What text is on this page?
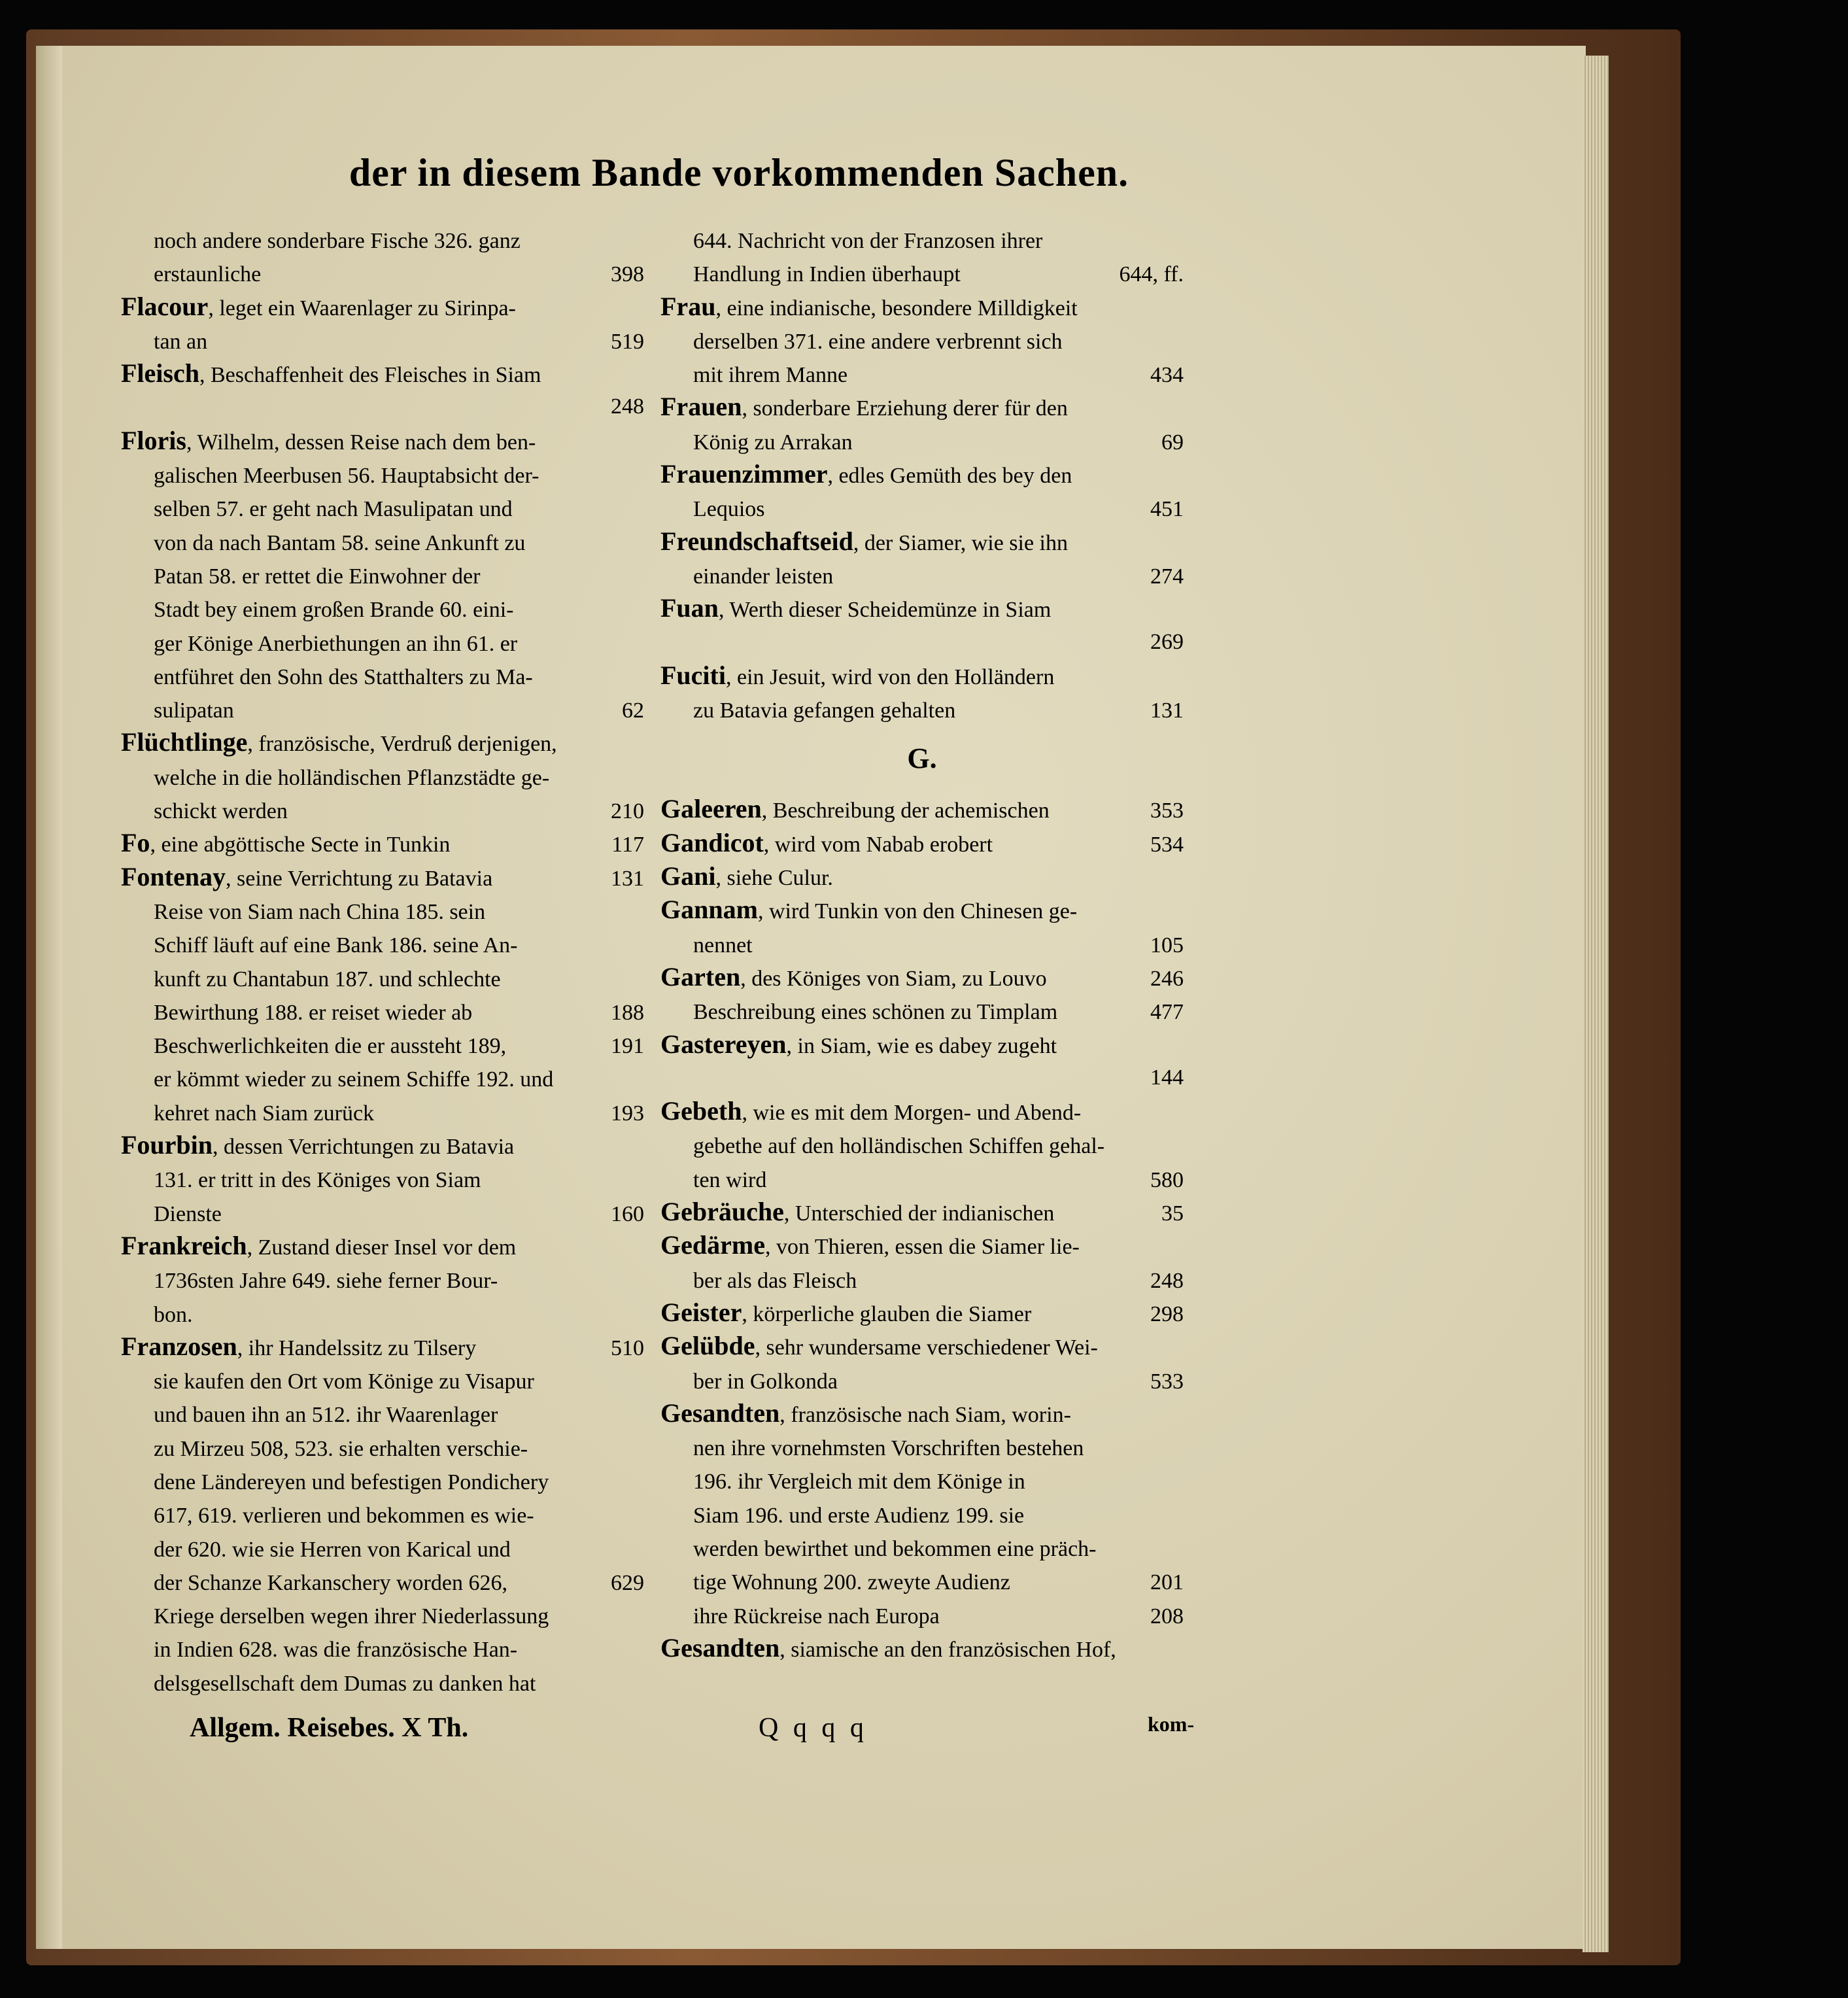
der in diesem Bande vorkommenden Sachen.
noch andere sonderbare Fische 326. ganz
erstaunliche	398
Flacour, leget ein Waarenlager zu Sirinpa-
tan an	519
Fleisch, Beschaffenheit des Fleisches in Siam
248
Floris, Wilhelm, dessen Reise nach dem ben-
galischen Meerbusen 56. Hauptabsicht der-
selben 57. er geht nach Masulipatan und
von da nach Bantam 58. seine Ankunft zu
Patan 58. er rettet die Einwohner der
Stadt bey einem großen Brande 60. eini-
ger Könige Anerbiethungen an ihn 61. er
entführet den Sohn des Statthalters zu Ma-
sulipatan	62
Flüchtlinge, französische, Verdruß derjenigen,
welche in die holländischen Pflanzstädte ge-
schickt werden	210
Fo, eine abgöttische Secte in Tunkin	117
Fontenay, seine Verrichtung zu Batavia	131
Reise von Siam nach China 185. sein
Schiff läuft auf eine Bank 186. seine An-
kunft zu Chantabun 187. und schlechte
Bewirthung 188. er reiset wieder ab	188
Beschwerlichkeiten die er aussteht 189,	191
er kömmt wieder zu seinem Schiffe 192. und
kehret nach Siam zurück	193
Fourbin, dessen Verrichtungen zu Batavia
131. er tritt in des Königes von Siam
Dienste	160
Frankreich, Zustand dieser Insel vor dem
1736sten Jahre 649. siehe ferner Bour-
bon.
Franzosen, ihr Handelssitz zu Tilsery	510
sie kaufen den Ort vom Könige zu Visapur
und bauen ihn an 512. ihr Waarenlager
zu Mirzeu 508, 523. sie erhalten verschie-
dene Ländereyen und befestigen Pondichery
617, 619. verlieren und bekommen es wie-
der 620. wie sie Herren von Karical und
der Schanze Karkanschery worden 626,	629
Kriege derselben wegen ihrer Niederlassung
in Indien 628. was die französische Han-
delsgesellschaft dem Dumas zu danken hat
644. Nachricht von der Franzosen ihrer
Handlung in Indien überhaupt	644, ff.
Frau, eine indianische, besondere Milldigkeit
derselben 371. eine andere verbrennt sich
mit ihrem Manne	434
Frauen, sonderbare Erziehung derer für den
König zu Arrakan	69
Frauenzimmer, edles Gemüth des bey den
Lequios	451
Freundschaftseid, der Siamer, wie sie ihn
einander leisten	274
Fuan, Werth dieser Scheidemünze in Siam
269
Fuciti, ein Jesuit, wird von den Holländern
zu Batavia gefangen gehalten	131
G.
Galeeren, Beschreibung der achemischen	353
Gandicot, wird vom Nabab erobert	534
Gani, siehe Culur.
Gannam, wird Tunkin von den Chinesen ge-
nennet	105
Garten, des Königes von Siam, zu Louvo	246
Beschreibung eines schönen zu Timplam	477
Gastereyen, in Siam, wie es dabey zugeht
144
Gebeth, wie es mit dem Morgen- und Abend-
gebethe auf den holländischen Schiffen gehal-
ten wird	580
Gebräuche, Unterschied der indianischen	35
Gedärme, von Thieren, essen die Siamer lie-
ber als das Fleisch	248
Geister, körperliche glauben die Siamer	298
Gelübde, sehr wundersame verschiedener Wei-
ber in Golkonda	533
Gesandten, französische nach Siam, worin-
nen ihre vornehmsten Vorschriften bestehen
196. ihr Vergleich mit dem Könige in
Siam 196. und erste Audienz 199. sie
werden bewirthet und bekommen eine präch-
tige Wohnung 200. zweyte Audienz	201
ihre Rückreise nach Europa	208
Gesandten, siamische an den französischen Hof,
Allgem. Reisebes. X Th.	Q q q q	kom-
